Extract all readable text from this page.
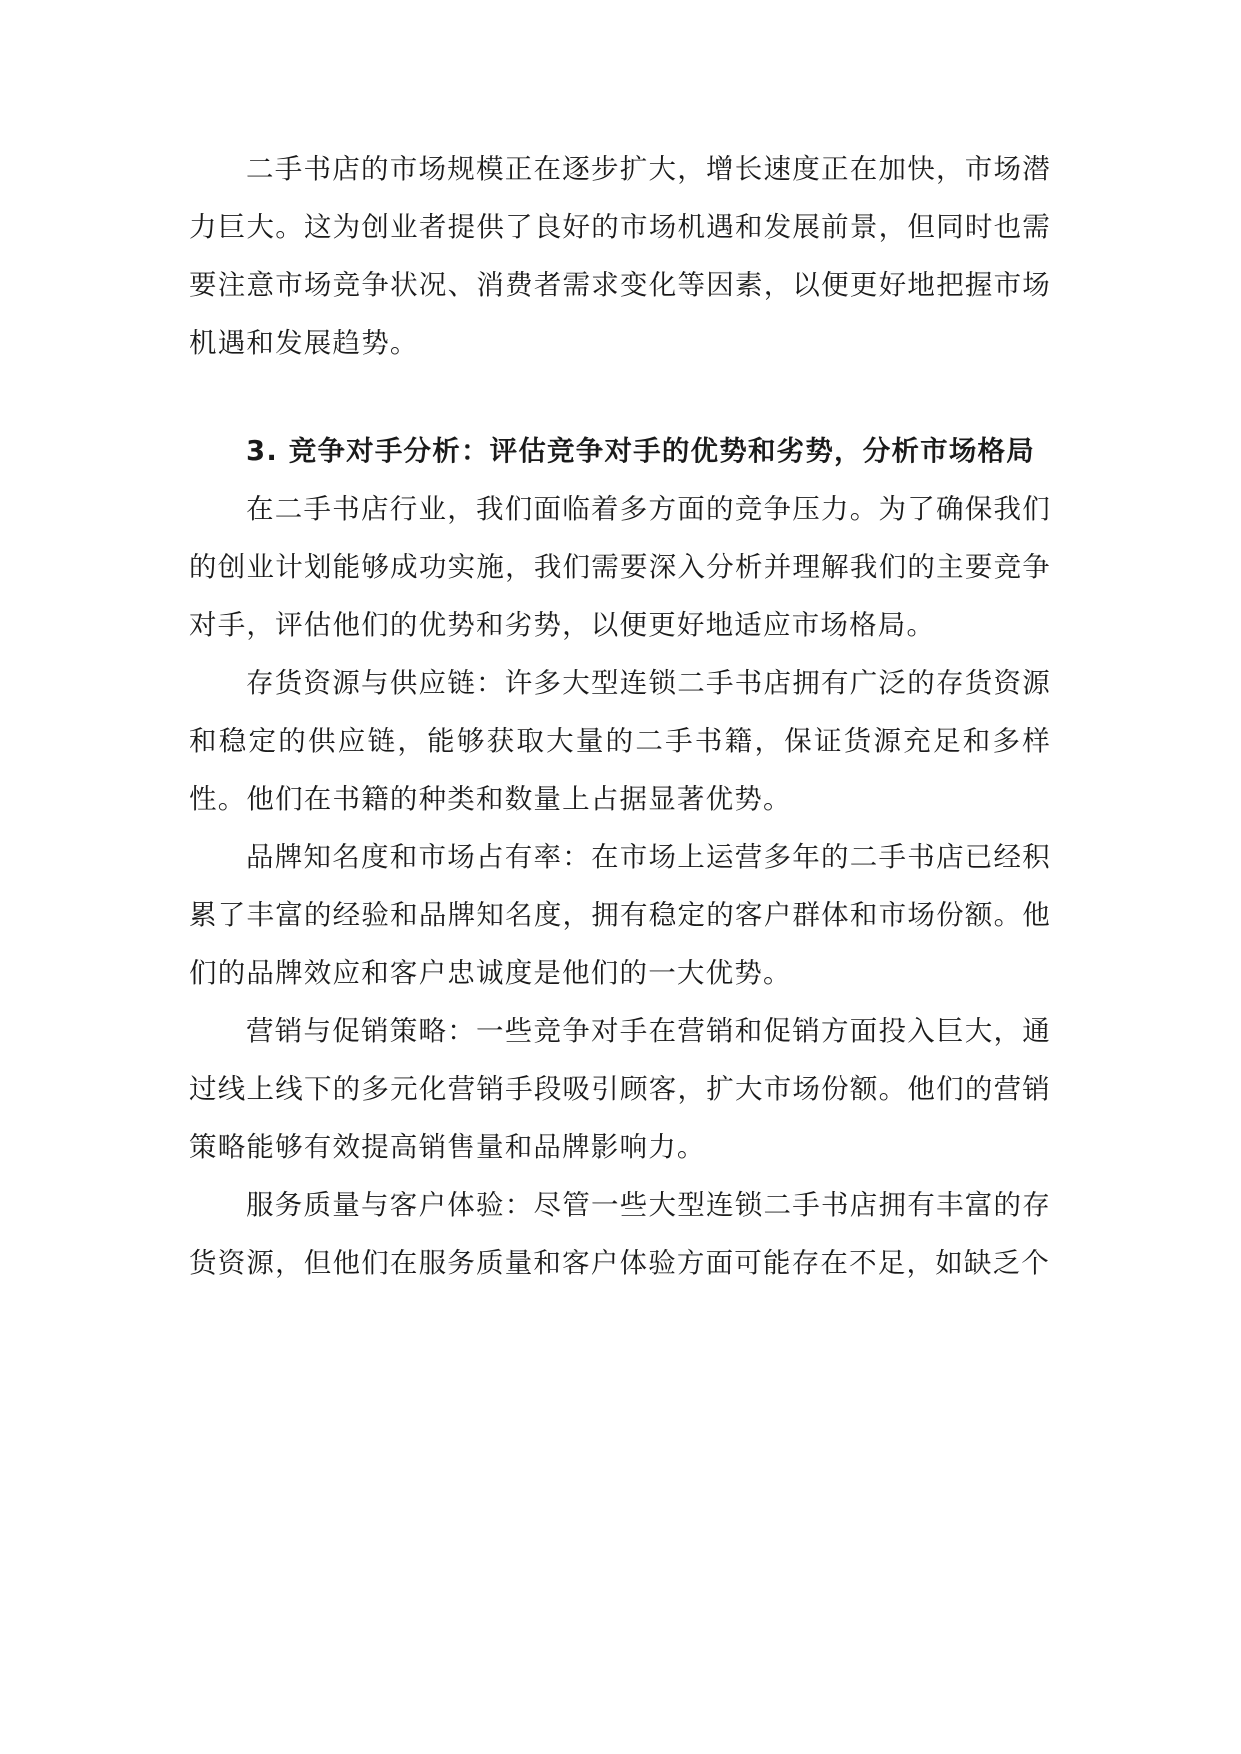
二手书店的市场规模正在逐步扩大，增长速度正在加快，市场潜力巨大。这为创业者提供了良好的市场机遇和发展前景，但同时也需要注意市场竞争状况、消费者需求变化等因素，以便更好地把握市场机遇和发展趋势。

3. 竞争对手分析：评估竞争对手的优势和劣势，分析市场格局

在二手书店行业，我们面临着多方面的竞争压力。为了确保我们的创业计划能够成功实施，我们需要深入分析并理解我们的主要竞争对手，评估他们的优势和劣势，以便更好地适应市场格局。

存货资源与供应链：许多大型连锁二手书店拥有广泛的存货资源和稳定的供应链，能够获取大量的二手书籍，保证货源充足和多样性。他们在书籍的种类和数量上占据显著优势。

品牌知名度和市场占有率：在市场上运营多年的二手书店已经积累了丰富的经验和品牌知名度，拥有稳定的客户群体和市场份额。他们的品牌效应和客户忠诚度是他们的一大优势。

营销与促销策略：一些竞争对手在营销和促销方面投入巨大，通过线上线下的多元化营销手段吸引顾客，扩大市场份额。他们的营销策略能够有效提高销售量和品牌影响力。

服务质量与客户体验：尽管一些大型连锁二手书店拥有丰富的存货资源，但他们在服务质量和客户体验方面可能存在不足，如缺乏个
